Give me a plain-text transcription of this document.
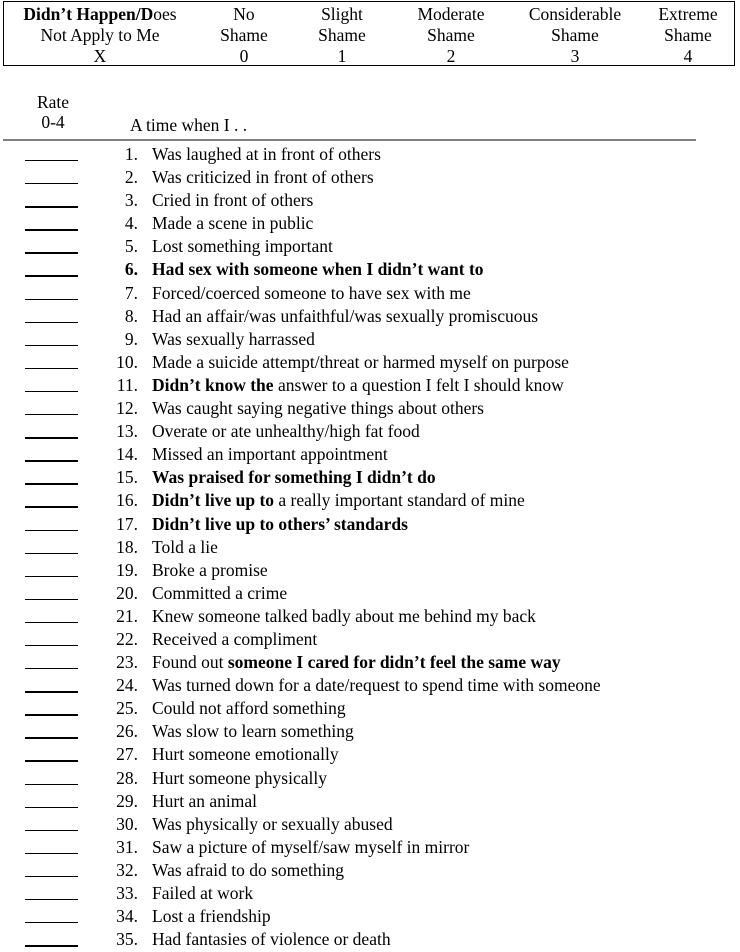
Didn’t Happen/Does
Not Apply to Me
X
No
Shame
0
Slight
Shame
1
Moderate
Shame
2
Considerable
Shame
3
Extreme
Shame
4
Rate
0-4	A time when I . .
1. Was laughed at in front of others
2. Was criticized in front of others
3. Cried in front of others
4. Made a scene in public
5. Lost something important
6. Had sex with someone when I didn’t want to
7. Forced/coerced someone to have sex with me
8. Had an affair/was unfaithful/was sexually promiscuous
9. Was sexually harrassed
10. Made a suicide attempt/threat or harmed myself on purpose
11. Didn’t know the answer to a question I felt I should know
12. Was caught saying negative things about others
13. Overate or ate unhealthy/high fat food
14. Missed an important appointment
15. Was praised for something I didn’t do
16. Didn’t live up to a really important standard of mine
17. Didn’t live up to others’ standards
18. Told a lie
19. Broke a promise
20. Committed a crime
21. Knew someone talked badly about me behind my back
22. Received a compliment
23. Found out someone I cared for didn’t feel the same way
24. Was turned down for a date/request to spend time with someone
25. Could not afford something
26. Was slow to learn something
27. Hurt someone emotionally
28. Hurt someone physically
29. Hurt an animal
30. Was physically or sexually abused
31. Saw a picture of myself/saw myself in mirror
32. Was afraid to do something
33. Failed at work
34. Lost a friendship
35. Had fantasies of violence or death
